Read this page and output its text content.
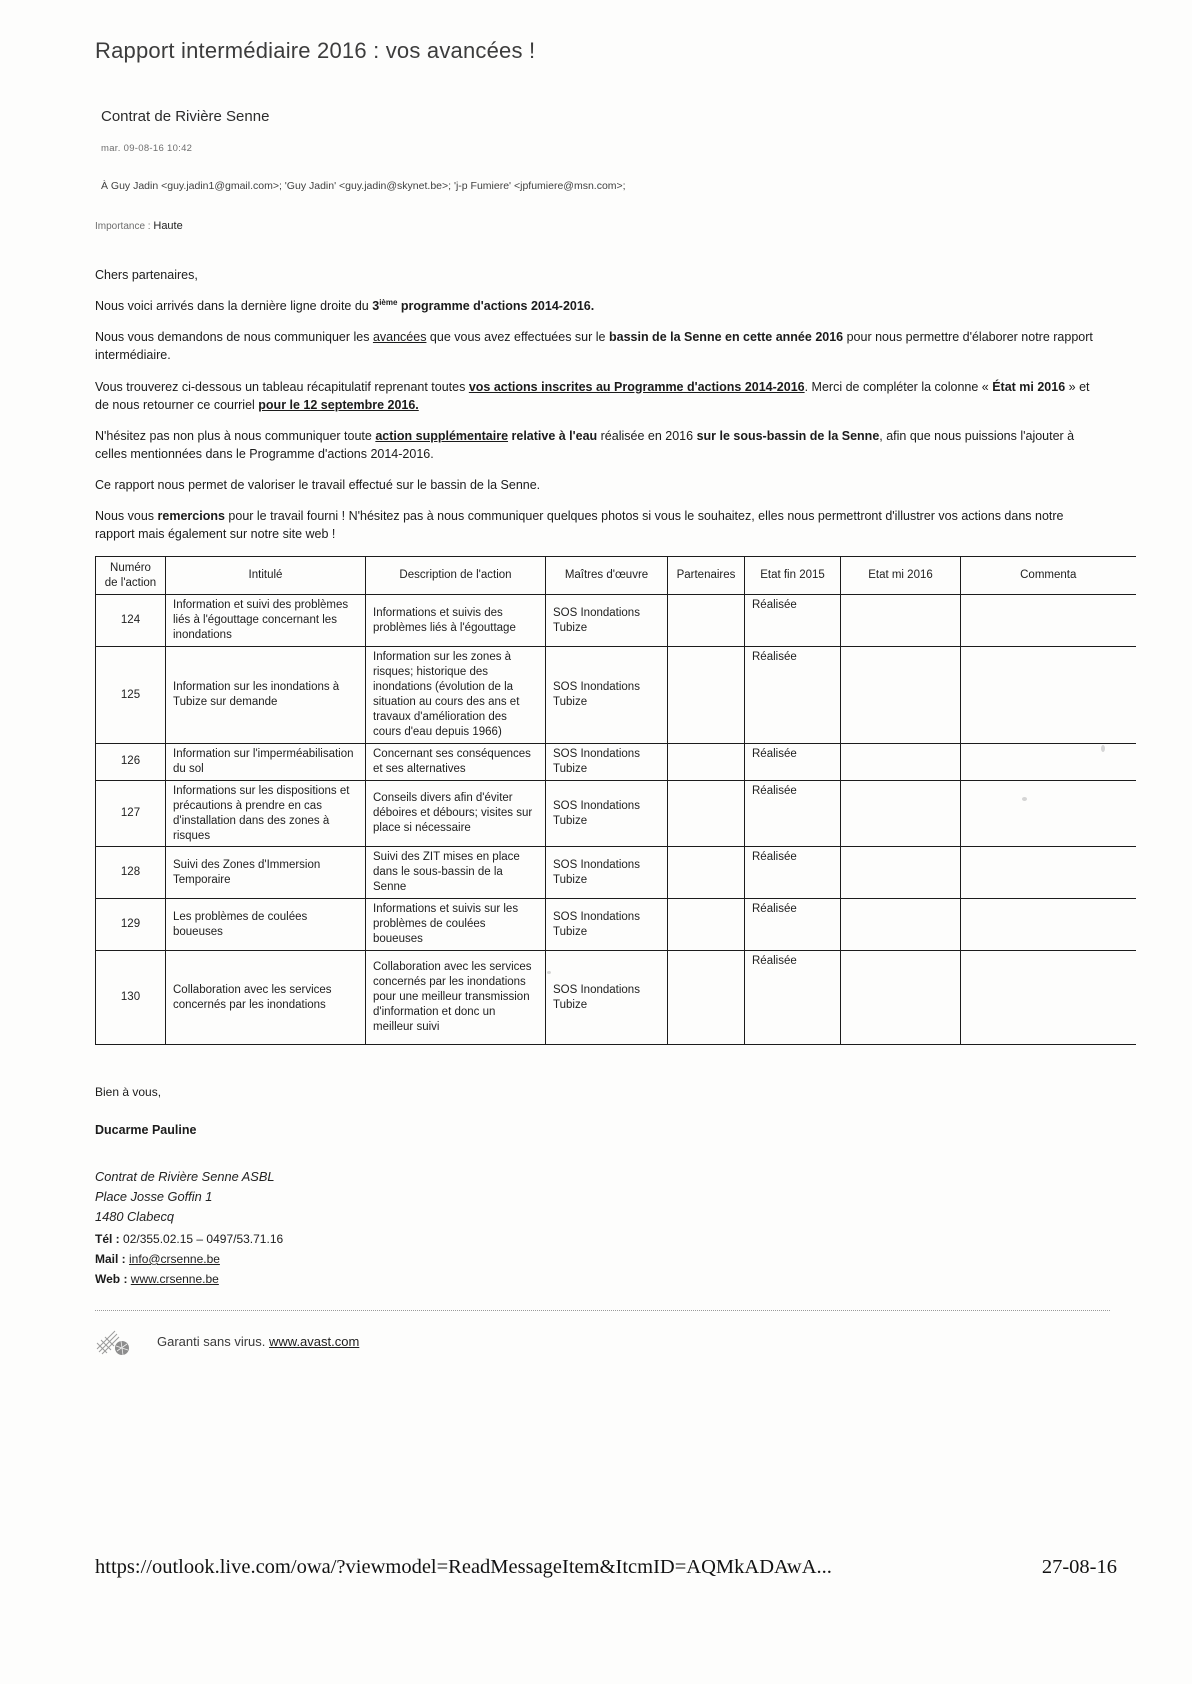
Rapport intermédiaire 2016 : vos avancées !
Contrat de Rivière Senne
mar. 09-08-16 10:42
À Guy Jadin <guy.jadin1@gmail.com>; 'Guy Jadin' <guy.jadin@skynet.be>; 'j-p Fumiere' <jpfumiere@msn.com>;
Importance : Haute

Chers partenaires,

Nous voici arrivés dans la dernière ligne droite du 3ième programme d'actions 2014-2016.

Nous vous demandons de nous communiquer les avancées que vous avez effectuées sur le bassin de la Senne en cette année 2016 pour nous permettre d'élaborer notre rapport intermédiaire.

Vous trouverez ci-dessous un tableau récapitulatif reprenant toutes vos actions inscrites au Programme d'actions 2014-2016. Merci de compléter la colonne « État mi 2016 » et de nous retourner ce courriel pour le 12 septembre 2016.

N'hésitez pas non plus à nous communiquer toute action supplémentaire relative à l'eau réalisée en 2016 sur le sous-bassin de la Senne, afin que nous puissions l'ajouter à celles mentionnées dans le Programme d'actions 2014-2016.

Ce rapport nous permet de valoriser le travail effectué sur le bassin de la Senne.

Nous vous remercions pour le travail fourni ! N'hésitez pas à nous communiquer quelques photos si vous le souhaitez, elles nous permettront d'illustrer vos actions dans notre rapport mais également sur notre site web !

Numéro de l'action	Intitulé	Description de l'action	Maîtres d'œuvre	Partenaires	Etat fin 2015	Etat mi 2016	Commenta
124	Information et suivi des problèmes liés à l'égouttage concernant les inondations	Informations et suivis des problèmes liés à l'égouttage	SOS Inondations Tubize		Réalisée		
125	Information sur les inondations à Tubize sur demande	Information sur les zones à risques; historique des inondations (évolution de la situation au cours des ans et travaux d'amélioration des cours d'eau depuis 1966)	SOS Inondations Tubize		Réalisée		
126	Information sur l'imperméabilisation du sol	Concernant ses conséquences et ses alternatives	SOS Inondations Tubize		Réalisée		
127	Informations sur les dispositions et précautions à prendre en cas d'installation dans des zones à risques	Conseils divers afin d'éviter déboires et débours; visites sur place si nécessaire	SOS Inondations Tubize		Réalisée		
128	Suivi des Zones d'Immersion Temporaire	Suivi des ZIT mises en place dans le sous-bassin de la Senne	SOS Inondations Tubize		Réalisée		
129	Les problèmes de coulées boueuses	Informations et suivis sur les problèmes de coulées boueuses	SOS Inondations Tubize		Réalisée		
130	Collaboration avec les services concernés par les inondations	Collaboration avec les services concernés par les inondations pour une meilleur transmission d'information et donc un meilleur suivi	SOS Inondations Tubize		Réalisée		
Bien à vous,
Ducarme Pauline
Contrat de Rivière Senne ASBL
Place Josse Goffin 1
1480 Clabecq
Tél : 02/355.02.15 – 0497/53.71.16
Mail : info@crsenne.be
Web : www.crsenne.be
Garanti sans virus. www.avast.com
https://outlook.live.com/owa/?viewmodel=ReadMessageItem&ItcmID=AQMkADAwA...	27-08-16
